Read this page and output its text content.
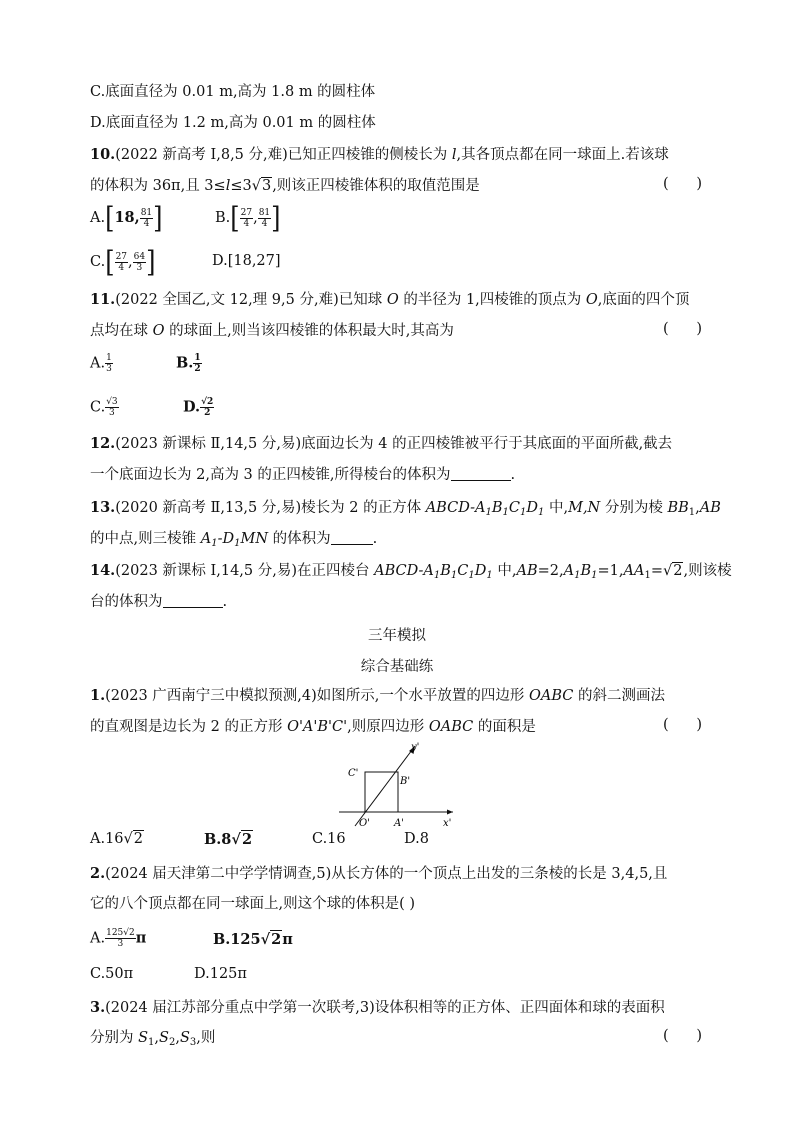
C.底面直径为 0.01 m,高为 1.8 m 的圆柱体
D.底面直径为 1.2 m,高为 0.01 m 的圆柱体
10.(2022 新高考 Ⅰ,8,5 分,难)已知正四棱锥的侧棱长为 l,其各顶点都在同一球面上.若该球
的体积为 36π,且 3≤l≤3√3,则该正四棱锥体积的取值范围是	(      )
A.[18, $\frac{81}{4}$ ]	$B.[ \frac{27}{4}$ , $\frac{81}{4}$ ]
$C.[ \frac{27}{4}$ , $\frac{64}{3}$ ]	D.[18,27]
11.(2022 全国乙,文 12,理 9,5 分,难)已知球 O 的半径为 1,四棱锥的顶点为 O,底面的四个顶
点均在球 O 的球面上,则当该四棱锥的体积最大时,其高为	(      )
A. $\frac{1}{3}$	B. $\frac{1}{2}$
C. $\frac{√3}{3}$	D. $\frac{√2}{2}$
12.(2023 新课标 Ⅱ,14,5 分,易)底面边长为 4 的正四棱锥被平行于其底面的平面所截,截去
一个底面边长为 2,高为 3 的正四棱锥,所得棱台的体积为	.
13.(2020 新高考 Ⅱ,13,5 分,易)棱长为 2 的正方体 ABCD-$A_1B_1C_1D_1$ 中,M,N 分别为棱 $BB_1,AB$
的中点,则三棱锥 $A_1-D_1MN$ 的体积为	.
14.(2023 新课标 Ⅰ,14,5 分,易)在正四棱台 ABCD-$A_1B_1C_1D_1$ 中$,AB=2,A_1B_1=1,AA_1=√2$,则该棱
台的体积为	.
三年模拟
综合基础练
1.(2023 广西南宁三中模拟预测,4)如图所示,一个水平放置的四边形 OABC 的斜二测画法
的直观图是边长为 2 的正方形 O'A'B'C',则原四边形 OABC 的面积是	(      )
C'
B'
O' A'	x'
y'
A.16√2	B.8√2	C.16	D.8
2.(2024 届天津第二中学学情调查,5)从长方体的一个顶点上出发的三条棱的长是 3,4,5,且
它的八个顶点都在同一球面上,则这个球的体积是( )
A. $\frac{125√2}{3}$ π	B.125√2π
C.50π	D.125π
3.(2024 届江苏部分重点中学第一次联考,3)设体积相等的正方体、正四面体和球的表面积
分别为 $S_1,S_2,S_3$,则	(      )
